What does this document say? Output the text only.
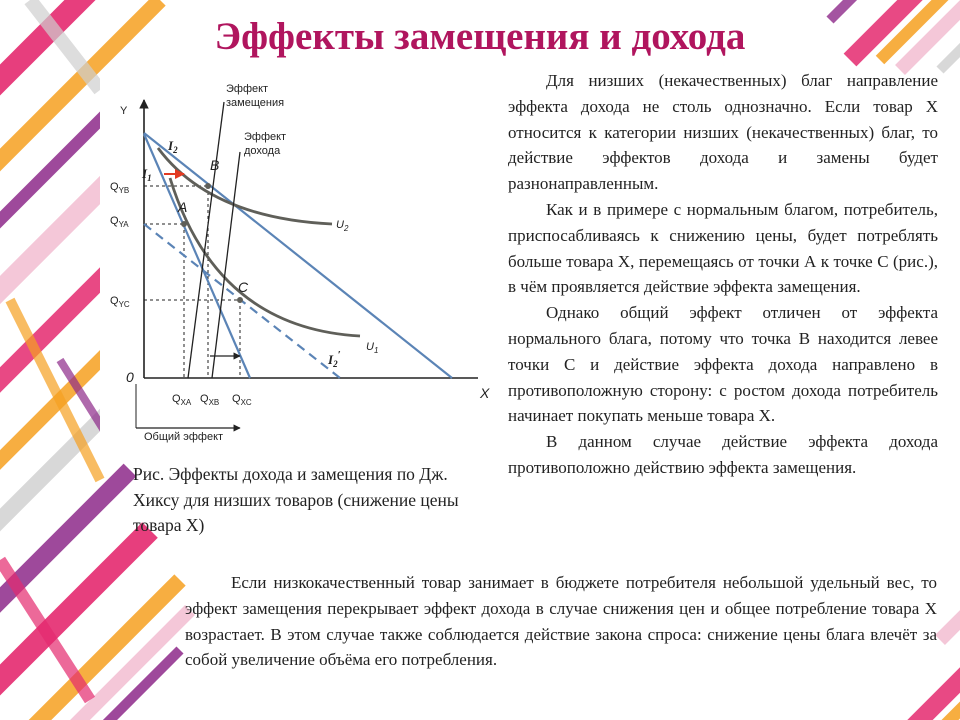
Эффекты замещения и дохода
Y
X
0
Эффект
замещения
Эффект
дохода
Общий эффект
$I_2$
$I_1$
$I_2'$
A
B
C
$U_2$
$U_1$
$Q_{YB}$
$Q_{YA}$
$Q_{YC}$
$Q_{XA}$ $Q_{XB}$ $Q_{XC}$

Рис. Эффекты дохода и замещения по Дж. Хиксу для низших товаров (снижение цены товара Х)

Для низших (некачественных) благ направление эффекта дохода не столь однозначно. Если товар Х относится к категории низших (некачественных) благ, то действие эффектов дохода и замены будет разнонаправленным.

Как и в примере с нормальным благом, потребитель, приспосабливаясь к снижению цены, будет потреблять больше товара Х, перемещаясь от точки А к точке С (рис.), в чём проявляется действие эффекта замещения.

Однако общий эффект отличен от эффекта нормального блага, потому что точка В находится левее точки С и действие эффекта дохода направлено в противоположную сторону: с ростом дохода потребитель начинает покупать меньше товара Х.

В данном случае действие эффекта дохода противоположно действию эффекта замещения.

Если низкокачественный товар занимает в бюджете потребителя небольшой удельный вес, то эффект замещения перекрывает эффект дохода в случае снижения цен и общее потребление товара Х возрастает. В этом случае также соблюдается действие закона спроса: снижение цены блага влечёт за собой увеличение объёма его потребления.
